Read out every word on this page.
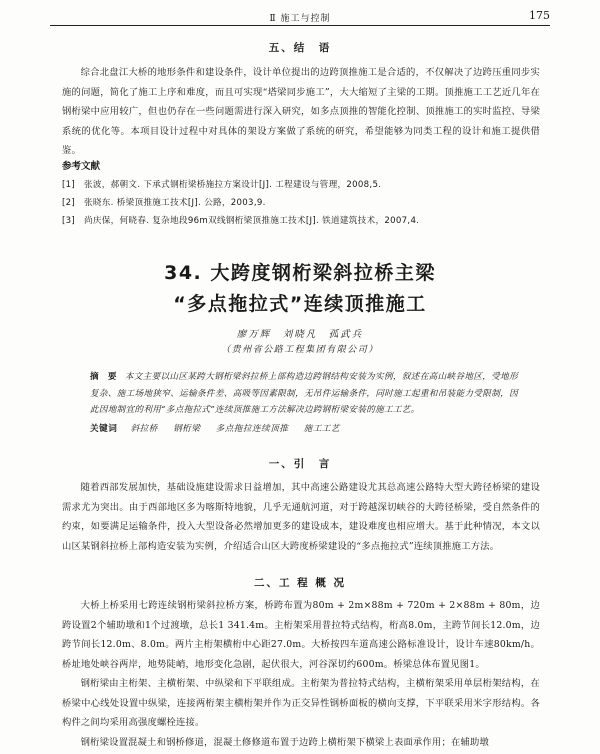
Ⅱ 施工与控制	175
五、结　语

综合北盘江大桥的地形条件和建设条件，设计单位提出的边跨顶推施工是合适的，不仅解决了边跨压重同步实施的问题，简化了施工上序和难度，而且可实现“塔梁同步施工”，大大缩短了主梁的工期。顶推施工工艺近几年在钢桁梁中应用较广，但也仍存在一些问题需进行深入研究，如多点顶推的智能化控制、顶推施工的实时监控、导梁系统的优化等。本项目设计过程中对具体的架设方案做了系统的研究，希望能够为同类工程的设计和施工提供借鉴。

参考文献
[1]　张波，郝朝文. 下承式钢桁梁桥施拉方案设计[J]. 工程建设与管理，2008,5.
[2]　张晓东. 桥梁顶推施工技术[J]. 公路，2003,9.
[3]　尚庆保，何晓春. 复杂地段96m双线钢桁梁顶推施工技术[J]. 铁道建筑技术，2007,4.
34. 大跨度钢桁梁斜拉桥主梁
“多点拖拉式”连续顶推施工
廖万辉　刘晓凡　孤武兵
（贵州省公路工程集团有限公司）
摘　要 本文主要以山区某跨大钢桁梁斜拉桥上部构造边跨钢结构安装为实例，叙述在高山峡谷地区，受地形复杂、施工场地狭窄、运输条件差、高吸等因素限制，无吊件运输条件，同时施工起重和吊装能力受限制，因此因地制宜的利用“多点拖拉式”连续顶推施工方法解决边跨钢桁梁安装的施工工艺。
关键词 斜拉桥 钢桁梁 多点拖拉连续顶推 施工工艺
一、引　言

随着西部发展加快，基础设施建设需求日益增加，其中高速公路建设尤其总高速公路特大型大跨径桥梁的建设需求尤为突出。由于西部地区多为喀斯特地貌，几乎无通航河道，对于跨越深切峡谷的大跨径桥梁，受自然条件的约束，如要满足运输条件，投入大型设备必然增加更多的建设成本，建设难度也相应增大。基于此种情况，本文以山区某钢斜拉桥上部构造安装为实例，介绍适合山区大跨度桥梁建设的“多点拖拉式”连续顶推施工方法。

二、工 程 概 况

大桥上桥采用七跨连续钢桁梁斜拉桥方案，桥跨布置为80m + 2m×88m + 720m + 2×88m + 80m，边跨设置2个辅助墩和1个过渡墩，总长1 341.4m。主桁架采用普拉特式结构，桁高8.0m，主跨节间长12.0m，边跨节间长12.0m、8.0m。两片主桁架横桁中心距27.0m。大桥按四车道高速公路标准设计，设计车速80km/h。桥址地处峡谷两岸，地势陡峭，地形变化急剧，起伏很大，河谷深切约600m。桥梁总体布置见图1。

钢桁梁由主桁架、主横桁架、中纵梁和下平联组成。主桁架为普拉特式结构，主横桁架采用单层桁架结构，在桥梁中心线处设置中纵梁，连接两桁架主横桁架并作为正交异性钢桥面板的横向支撑，下平联采用米字形结构。各构件之间均采用高强度螺栓连接。

钢桁梁设置混凝土和钢桥修道，混凝土修修道布置于边跨上横桁架下横梁上表面承作用；在辅助墩
